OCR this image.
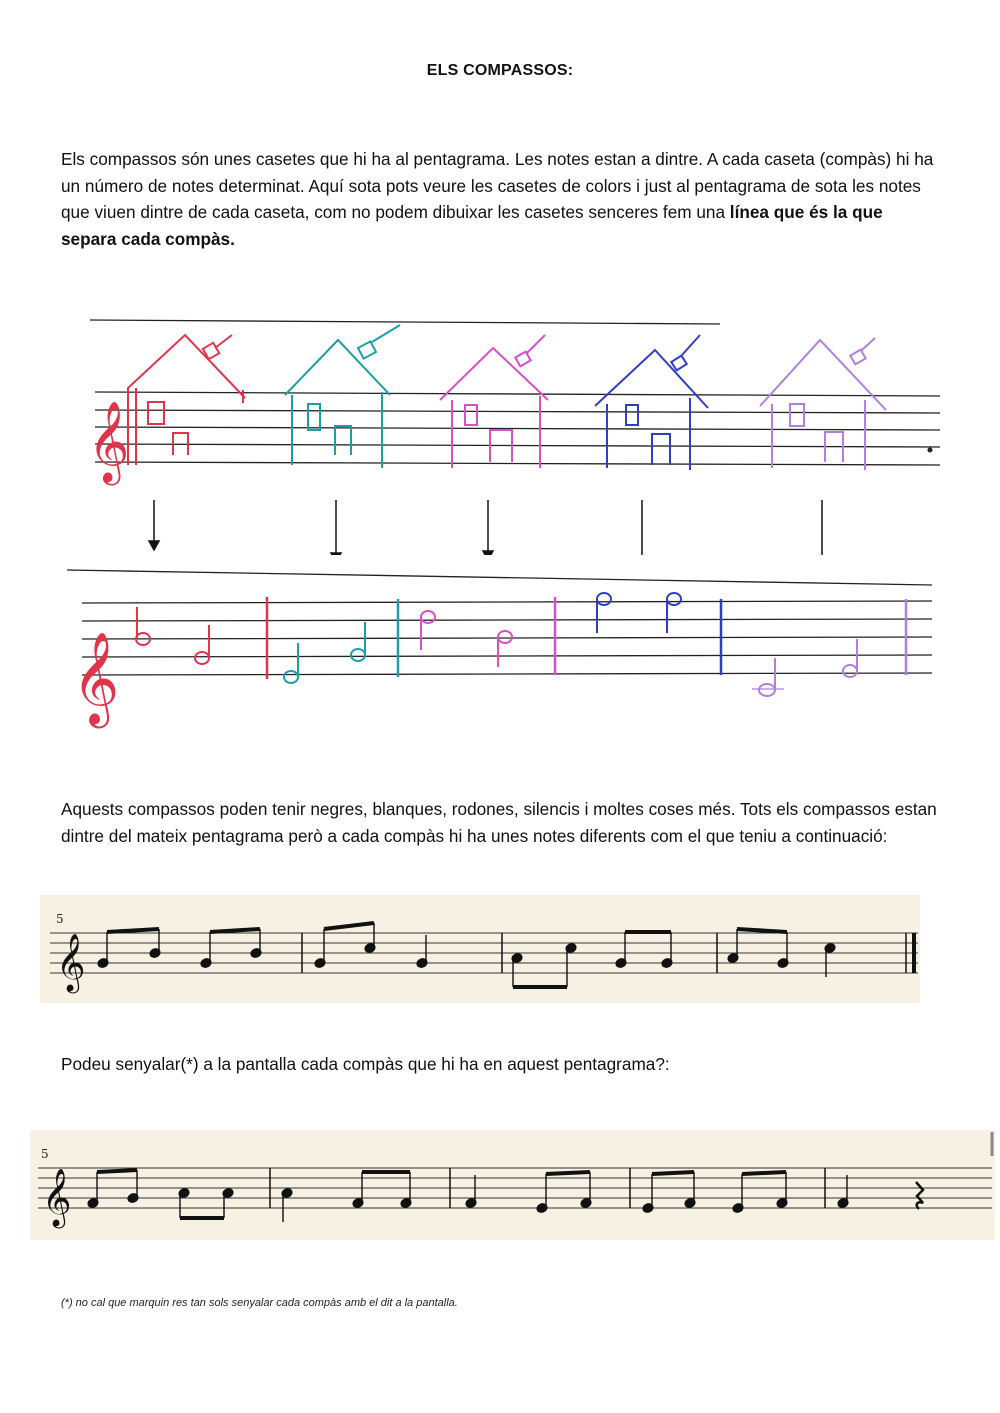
ELS COMPASSOS:

Els compassos són unes casetes que hi ha al pentagrama. Les notes estan a dintre. A cada caseta (compàs) hi ha un número de notes determinat. Aquí sota pots veure les casetes de colors i just al pentagrama de sota les notes que viuen dintre de cada caseta, com no podem dibuixar les casetes senceres fem una línea que és la que separa cada compàs.

𝄞
𝄞

Aquests compassos poden tenir negres, blanques, rodones, silencis i moltes coses més. Tots els compassos estan dintre del mateix pentagrama però a cada compàs hi ha unes notes diferents com el que teniu a continuació:

5
𝄞

Podeu senyalar(*) a la pantalla cada compàs que hi ha en aquest pentagrama?:

5
𝄞
(*) no cal que marquin res tan sols senyalar cada compàs amb el dit a la pantalla.
